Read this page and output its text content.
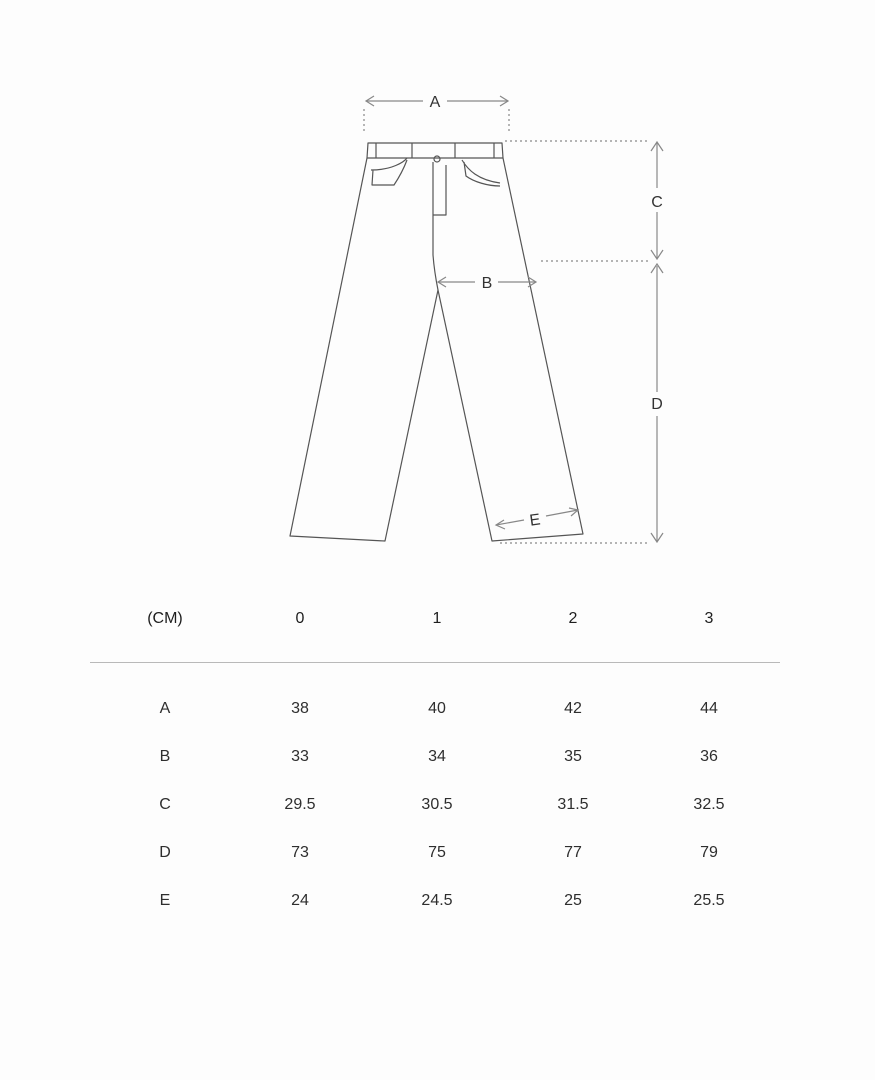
A
C
D
B
E
(CM)	0	1	2	3
A	38	40	42	44
B	33	34	35	36
C	29.5	30.5	31.5	32.5
D	73	75	77	79
E	24	24.5	25	25.5
